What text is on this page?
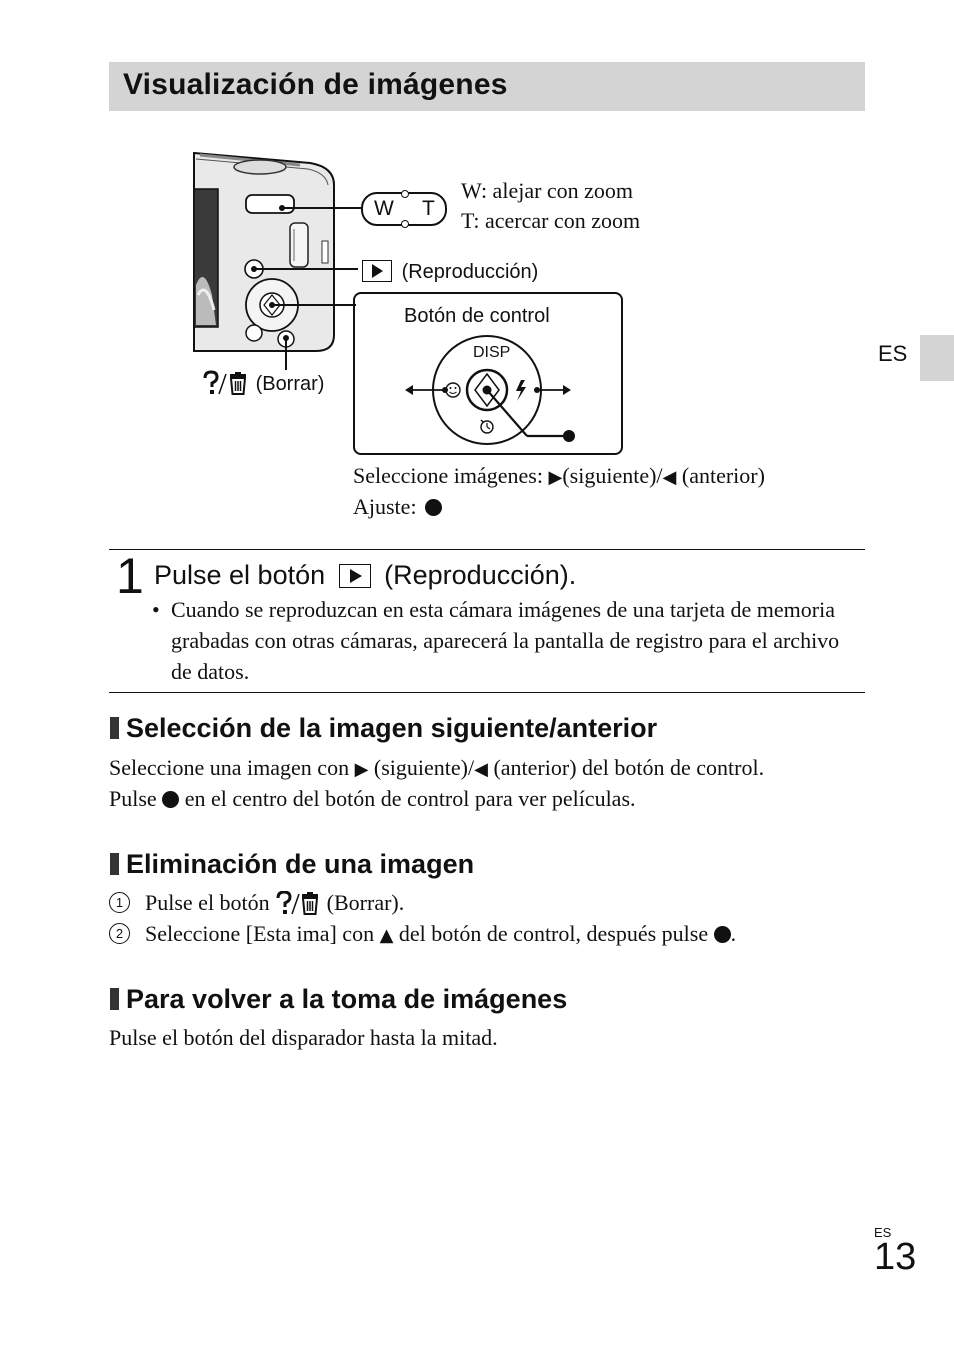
Visualización de imágenes
ES
W T
W: alejar con zoom
T: acercar con zoom
(Reproducción)
Botón de control
DISP
(Borrar)
Seleccione imágenes: ▶(siguiente)/◀ (anterior)
Ajuste:
1 Pulse el botón (Reproducción).
• Cuando se reproduzcan en esta cámara imágenes de una tarjeta de memoria grabadas con otras cámaras, aparecerá la pantalla de registro para el archivo de datos.
Selección de la imagen siguiente/anterior
Seleccione una imagen con ▶ (siguiente)/◀ (anterior) del botón de control.
Pulse en el centro del botón de control para ver películas.
Eliminación de una imagen
1 Pulse el botón	(Borrar).
2 Seleccione [Esta ima] con ▲ del botón de control, después pulse .
Para volver a la toma de imágenes
Pulse el botón del disparador hasta la mitad.
ES
13
